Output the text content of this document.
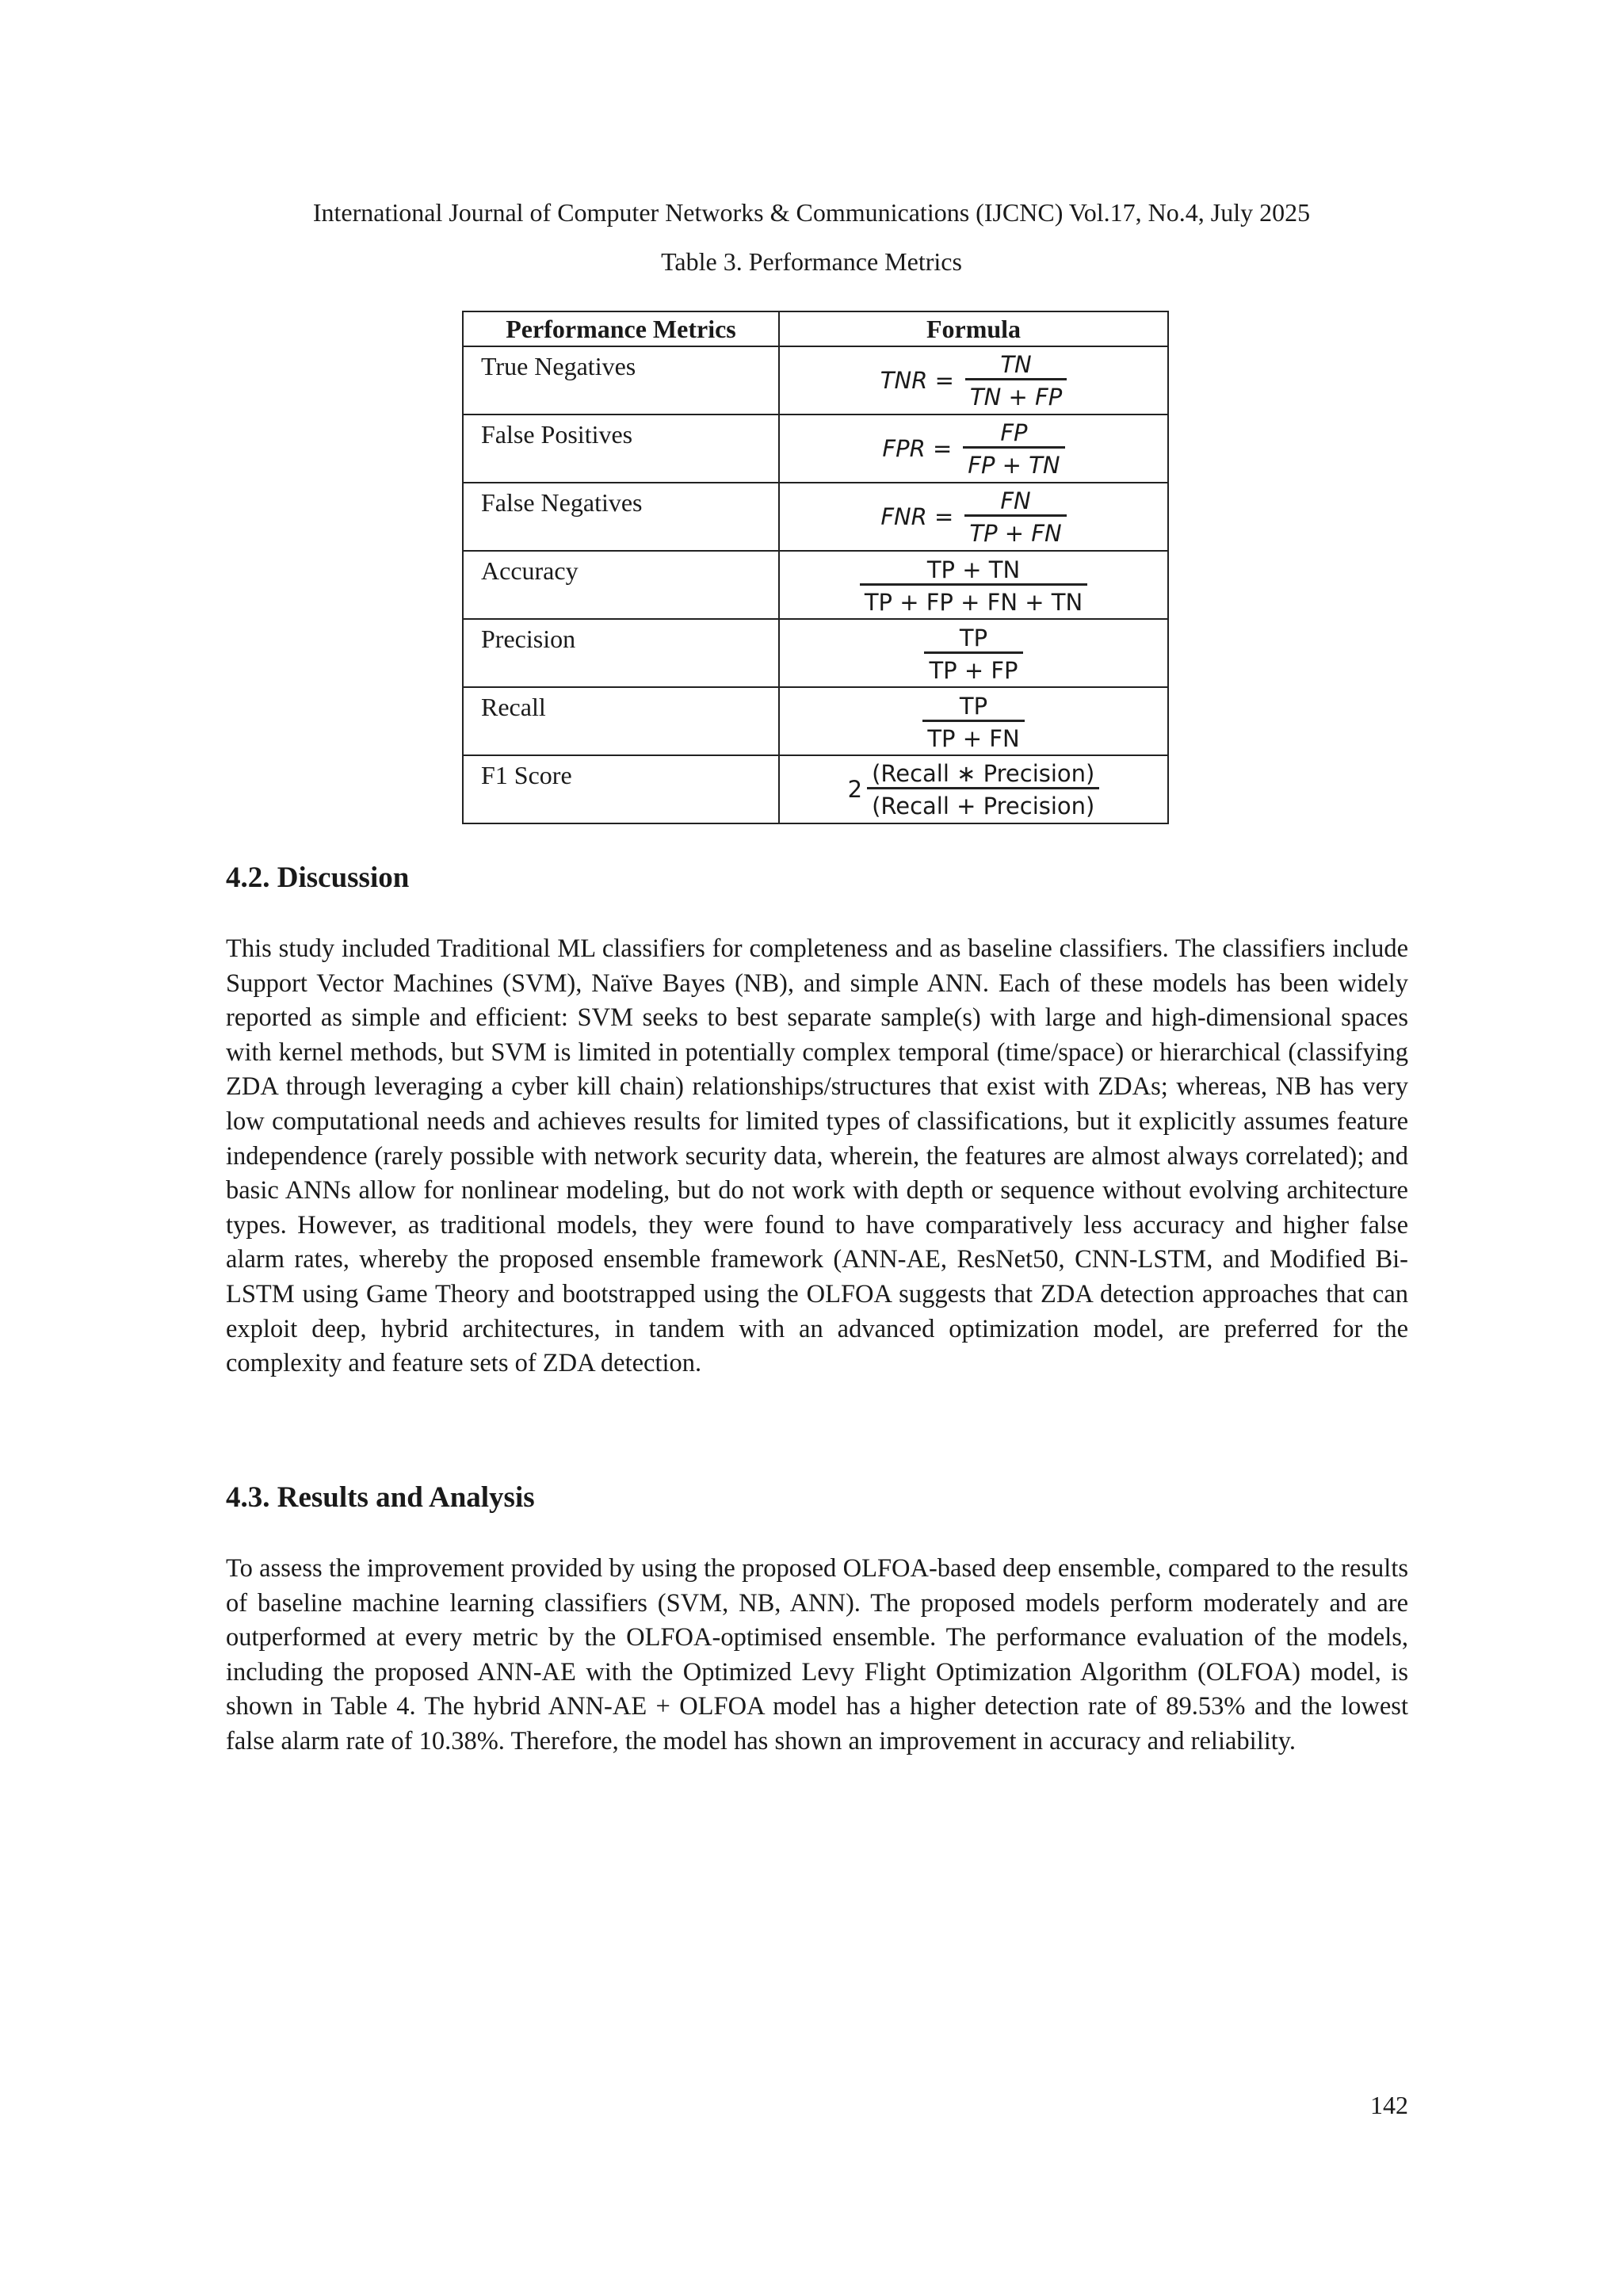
International Journal of Computer Networks & Communications (IJCNC) Vol.17, No.4, July 2025
Table 3. Performance Metrics
Performance Metrics	Formula
True Negatives	TNR = $\frac{TN}{TN + FP}$

False Positives	FPR = $\frac{FP}{FP + TN}$

False Negatives	FNR = $\frac{FN}{TP + FN}$

Accuracy	$\frac{TP + TN}{TP + FP + FN + TN}$

Precision	$\frac{TP}{TP + FP}$

Recall	$\frac{TP}{TP + FN}$

F1 Score	$2 \frac{\text{(Recall ∗ Precision)}}{\text{(Recall + Precision)}}$
4.2. Discussion

This study included Traditional ML classifiers for completeness and as baseline classifiers. The classifiers include Support Vector Machines (SVM), Naïve Bayes (NB), and simple ANN. Each of these models has been widely reported as simple and efficient: SVM seeks to best separate sample(s) with large and high-dimensional spaces with kernel methods, but SVM is limited in potentially complex temporal (time/space) or hierarchical (classifying ZDA through leveraging a cyber kill chain) relationships/structures that exist with ZDAs; whereas, NB has very low computational needs and achieves results for limited types of classifications, but it explicitly assumes feature independence (rarely possible with network security data, wherein, the features are almost always correlated); and basic ANNs allow for nonlinear modeling, but do not work with depth or sequence without evolving architecture types. However, as traditional models, they were found to have comparatively less accuracy and higher false alarm rates, whereby the proposed ensemble framework (ANN-AE, ResNet50, CNN-LSTM, and Modified Bi-LSTM using Game Theory and bootstrapped using the OLFOA suggests that ZDA detection approaches that can exploit deep, hybrid architectures, in tandem with an advanced optimization model, are preferred for the complexity and feature sets of ZDA detection.

4.3. Results and Analysis

To assess the improvement provided by using the proposed OLFOA-based deep ensemble, compared to the results of baseline machine learning classifiers (SVM, NB, ANN). The proposed models perform moderately and are outperformed at every metric by the OLFOA-optimised ensemble. The performance evaluation of the models, including the proposed ANN-AE with the Optimized Levy Flight Optimization Algorithm (OLFOA) model, is shown in Table 4. The hybrid ANN-AE + OLFOA model has a higher detection rate of 89.53% and the lowest false alarm rate of 10.38%. Therefore, the model has shown an improvement in accuracy and reliability.

142
